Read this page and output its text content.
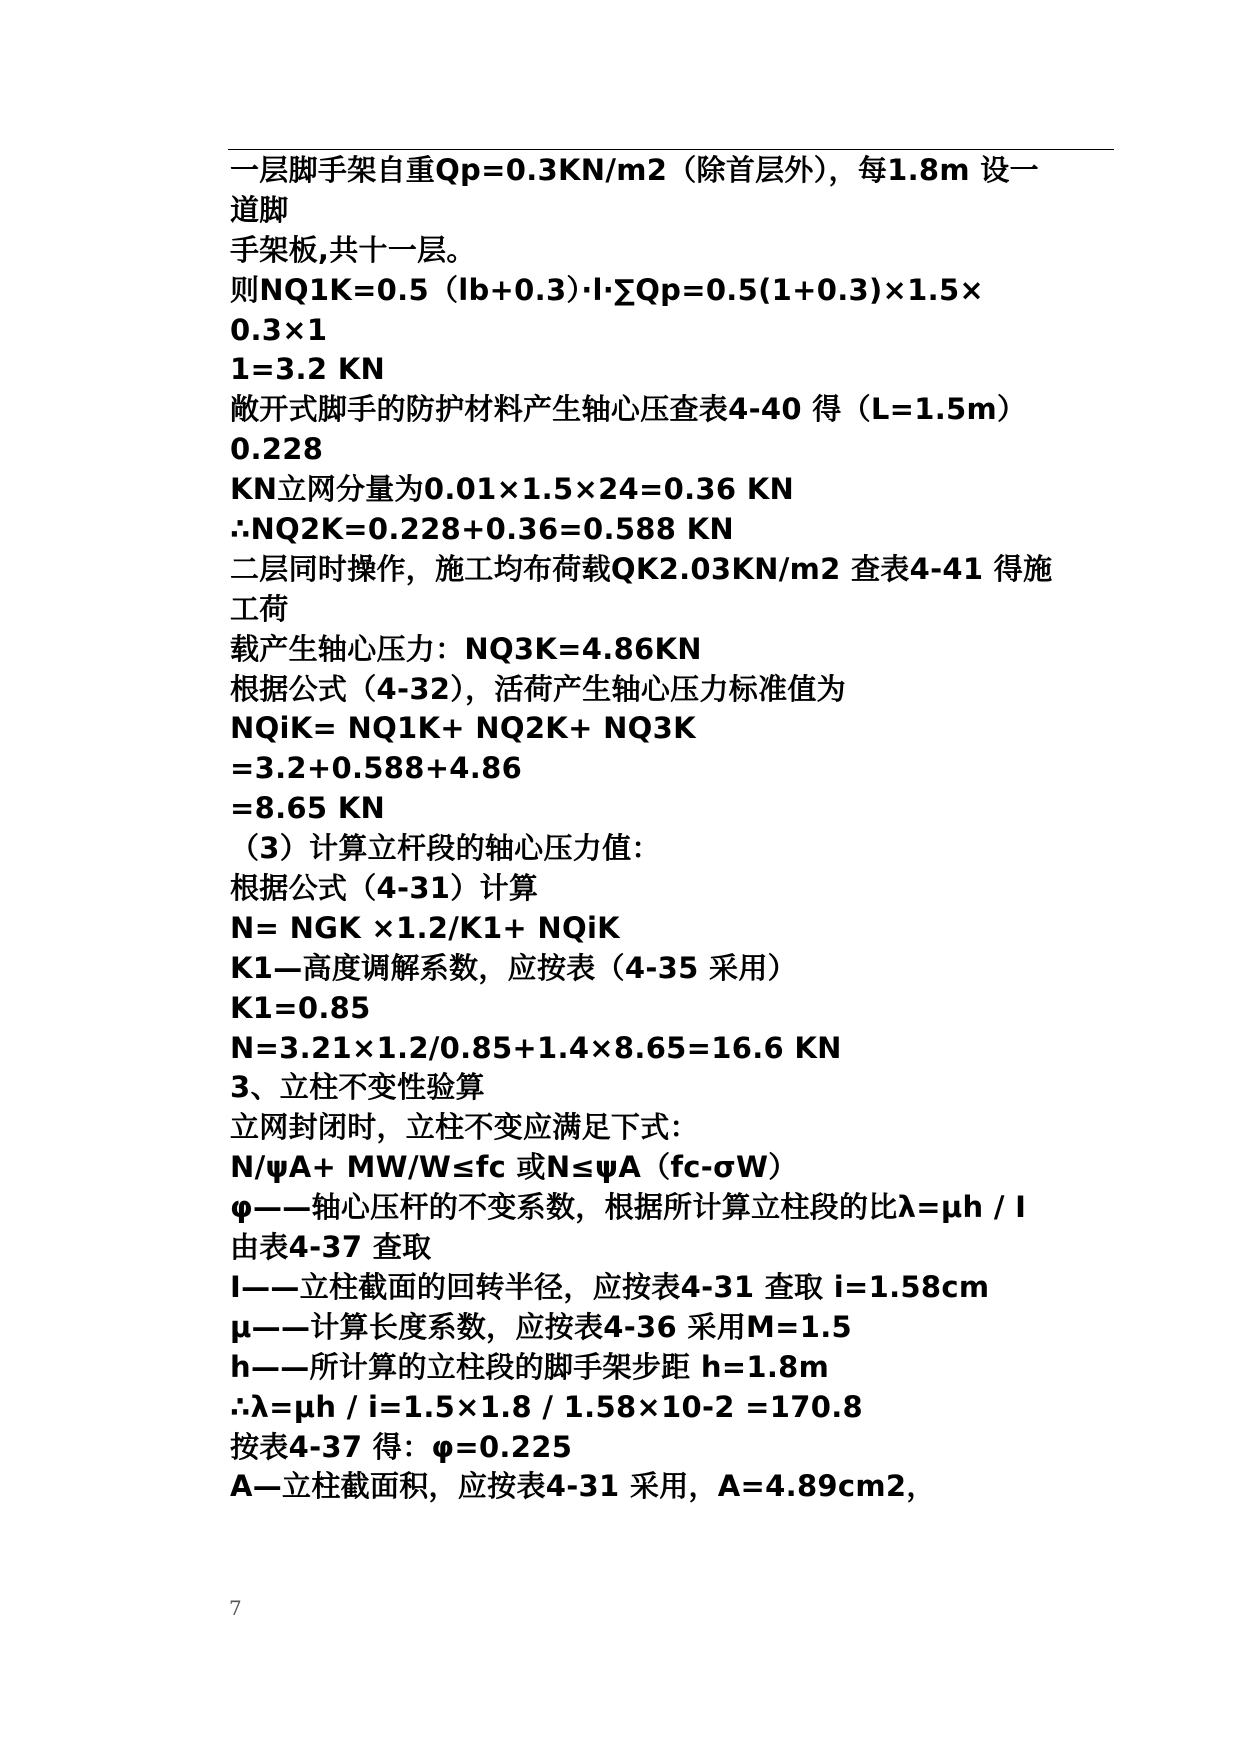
一层脚手架自重Qp=0.3KN/m2（除首层外），每1.8m 设一
道脚
手架板,共十一层。
则NQ1K=0.5（lb+0.3）·l·∑Qp=0.5(1+0.3)×1.5×
0.3×1
1=3.2 KN
敞开式脚手的防护材料产生轴心压查表4-40 得（L=1.5m）
0.228
KN立网分量为0.01×1.5×24=0.36 KN
∴NQ2K=0.228+0.36=0.588 KN
二层同时操作，施工均布荷载QK2.03KN/m2 查表4-41 得施
工荷
载产生轴心压力：NQ3K=4.86KN
根据公式（4-32），活荷产生轴心压力标准值为
NQiK= NQ1K+ NQ2K+ NQ3K
=3.2+0.588+4.86
=8.65 KN
（3）计算立杆段的轴心压力值：
根据公式（4-31）计算
N= NGK ×1.2/K1+ NQiK
K1—高度调解系数，应按表（4-35 采用）
K1=0.85
N=3.21×1.2/0.85+1.4×8.65=16.6 KN
3、立柱不变性验算
立网封闭时，立柱不变应满足下式：
N/ψA+ MW/W≤fc 或N≤ψA（fc-σW）
φ——轴心压杆的不变系数，根据所计算立柱段的比λ=μh / I
由表4-37 查取
I——立柱截面的回转半径，应按表4-31 查取 i=1.58cm
μ——计算长度系数，应按表4-36 采用M=1.5
h——所计算的立柱段的脚手架步距 h=1.8m
∴λ=μh / i=1.5×1.8 / 1.58×10-2 =170.8
按表4-37 得：φ=0.225
A—立柱截面积，应按表4-31 采用，A=4.89cm2，
7
